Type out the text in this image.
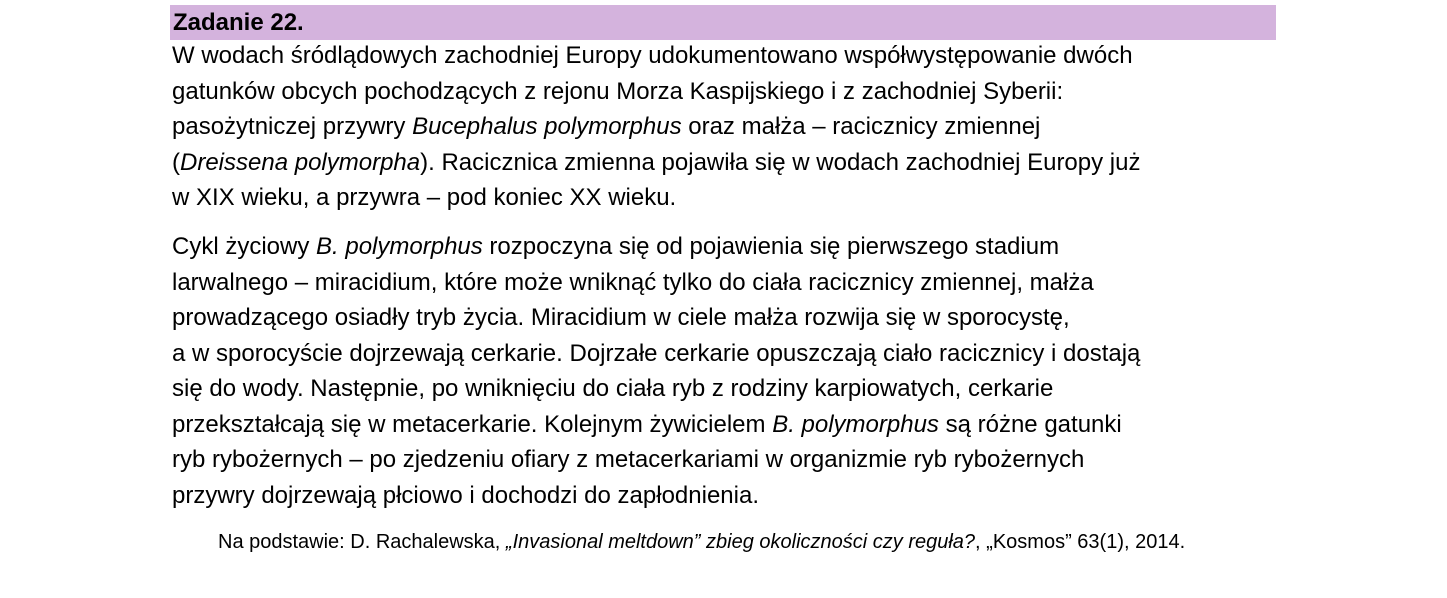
Zadanie 22.

W wodach śródlądowych zachodniej Europy udokumentowano współwystępowanie dwóch
gatunków obcych pochodzących z rejonu Morza Kaspijskiego i z zachodniej Syberii:
pasożytniczej przywry Bucephalus polymorphus oraz małża – racicznicy zmiennej
(Dreissena polymorpha). Racicznica zmienna pojawiła się w wodach zachodniej Europy już
w XIX wieku, a przywra – pod koniec XX wieku.

Cykl życiowy B. polymorphus rozpoczyna się od pojawienia się pierwszego stadium
larwalnego – miracidium, które może wniknąć tylko do ciała racicznicy zmiennej, małża
prowadzącego osiadły tryb życia. Miracidium w ciele małża rozwija się w sporocystę,
a w sporocyście dojrzewają cerkarie. Dojrzałe cerkarie opuszczają ciało racicznicy i dostają
się do wody. Następnie, po wniknięciu do ciała ryb z rodziny karpiowatych, cerkarie
przekształcają się w metacerkarie. Kolejnym żywicielem B. polymorphus są różne gatunki
ryb rybożernych – po zjedzeniu ofiary z metacerkariami w organizmie ryb rybożernych
przywry dojrzewają płciowo i dochodzi do zapłodnienia.

Na podstawie: D. Rachalewska, „Invasional meltdown” zbieg okoliczności czy reguła?, „Kosmos” 63(1), 2014.
